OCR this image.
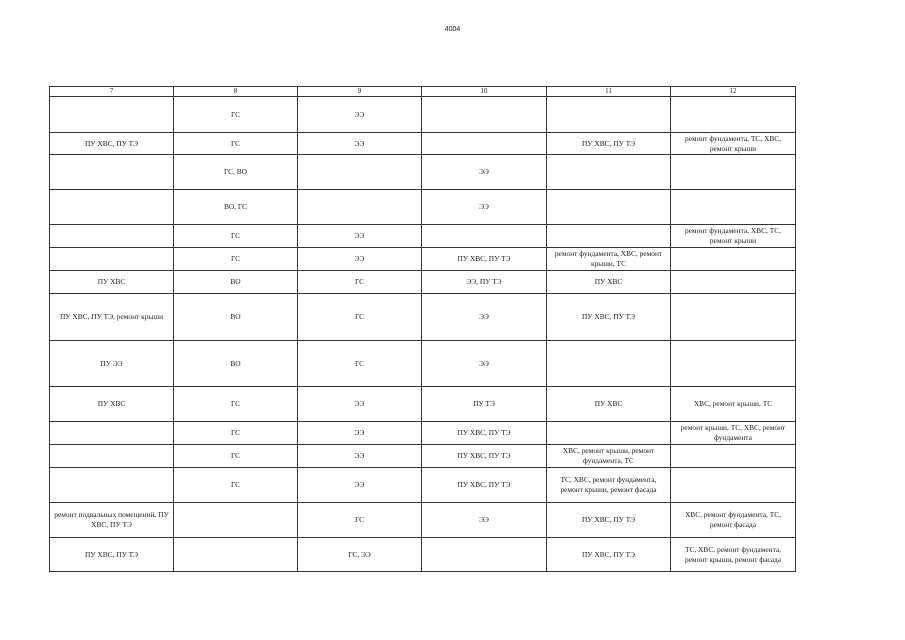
4004
7	8	9	10	11	12
	ГС	ЭЭ			
ПУ ХВС, ПУ ТЭ	ГС	ЭЭ		ПУ ХВС, ПУ ТЭ	ремонт фундамента, ТС, ХВС, ремонт крыши
	ГС, ВО		ЭЭ		
	ВО, ГС		ЭЭ		
	ГС	ЭЭ			ремонт фундамента, ХВС, ТС, ремонт крыши
	ГС	ЭЭ	ПУ ХВС, ПУ ТЭ	ремонт фундамента, ХВС, ремонт крыши, ТС	
ПУ ХВС	ВО	ГС	ЭЭ, ПУ ТЭ	ПУ ХВС	
ПУ ХВС, ПУ ТЭ, ремонт крыши	ВО	ГС	ЭЭ	ПУ ХВС, ПУ ТЭ	
ПУ ЭЭ	ВО	ГС	ЭЭ		
ПУ ХВС	ГС	ЭЭ	ПУ ТЭ	ПУ ХВС	ХВС, ремонт крыши, ТС
	ГС	ЭЭ	ПУ ХВС, ПУ ТЭ		ремонт крыши, ТС, ХВС, ремонт фундамента
	ГС	ЭЭ	ПУ ХВС, ПУ ТЭ	ХВС, ремонт крыши, ремонт фундамента, ТС	
	ГС	ЭЭ	ПУ ХВС, ПУ ТЭ	ТС, ХВС, ремонт фундамента, ремонт крыши, ремонт фасада	
ремонт подвальных помещений, ПУ ХВС, ПУ ТЭ		ГС	ЭЭ	ПУ ХВС, ПУ ТЭ	ХВС, ремонт фундамента, ТС, ремонт фасада
ПУ ХВС, ПУ ТЭ		ГС, ЭЭ		ПУ ХВС, ПУ ТЭ	ТС, ХВС, ремонт фундамента, ремонт крыши, ремонт фасада
